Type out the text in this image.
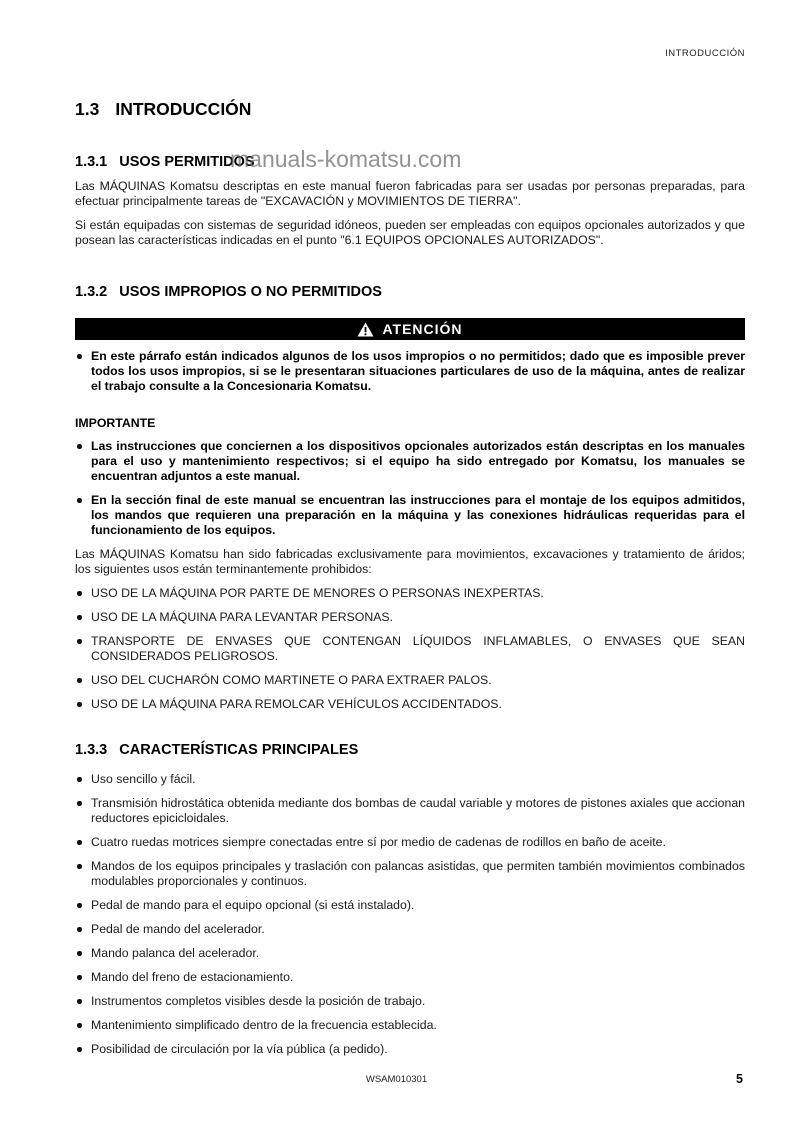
INTRODUCCIÓN
1.3 INTRODUCCIÓN
1.3.1 USOS PERMITIDOS

Las MÁQUINAS Komatsu descriptas en este manual fueron fabricadas para ser usadas por personas preparadas, para efectuar principalmente tareas de "EXCAVACIÓN y MOVIMIENTOS DE TIERRA".

Si están equipadas con sistemas de seguridad idóneos, pueden ser empleadas con equipos opcionales autorizados y que posean las características indicadas en el punto "6.1 EQUIPOS OPCIONALES AUTORIZADOS".

1.3.2 USOS IMPROPIOS O NO PERMITIDOS
ATENCIÓN
En este párrafo están indicados algunos de los usos impropios o no permitidos; dado que es imposible prever todos los usos impropios, si se le presentaran situaciones particulares de uso de la máquina, antes de realizar el trabajo consulte a la Concesionaria Komatsu.
IMPORTANTE
Las instrucciones que conciernen a los dispositivos opcionales autorizados están descriptas en los manuales para el uso y mantenimiento respectivos; si el equipo ha sido entregado por Komatsu, los manuales se encuentran adjuntos a este manual.
En la sección final de este manual se encuentran las instrucciones para el montaje de los equipos admitidos, los mandos que requieren una preparación en la máquina y las conexiones hidráulicas requeridas para el funcionamiento de los equipos.

Las MÁQUINAS Komatsu han sido fabricadas exclusivamente para movimientos, excavaciones y tratamiento de áridos; los siguientes usos están terminantemente prohibidos:

USO DE LA MÁQUINA POR PARTE DE MENORES O PERSONAS INEXPERTAS.
USO DE LA MÁQUINA PARA LEVANTAR PERSONAS.
TRANSPORTE DE ENVASES QUE CONTENGAN LÍQUIDOS INFLAMABLES, O ENVASES QUE SEAN CONSIDERADOS PELIGROSOS.
USO DEL CUCHARÓN COMO MARTINETE O PARA EXTRAER PALOS.
USO DE LA MÁQUINA PARA REMOLCAR VEHÍCULOS ACCIDENTADOS.
1.3.3 CARACTERÍSTICAS PRINCIPALES
Uso sencillo y fácil.
Transmisión hidrostática obtenida mediante dos bombas de caudal variable y motores de pistones axiales que accionan reductores epicicloidales.
Cuatro ruedas motrices siempre conectadas entre sí por medio de cadenas de rodillos en baño de aceite.
Mandos de los equipos principales y traslación con palancas asistidas, que permiten también movimientos combinados modulables proporcionales y continuos.
Pedal de mando para el equipo opcional (si está instalado).
Pedal de mando del acelerador.
Mando palanca del acelerador.
Mando del freno de estacionamiento.
Instrumentos completos visibles desde la posición de trabajo.
Mantenimiento simplificado dentro de la frecuencia establecida.
Posibilidad de circulación por la vía pública (a pedido).
manuals-komatsu.com
WSAM010301	5
